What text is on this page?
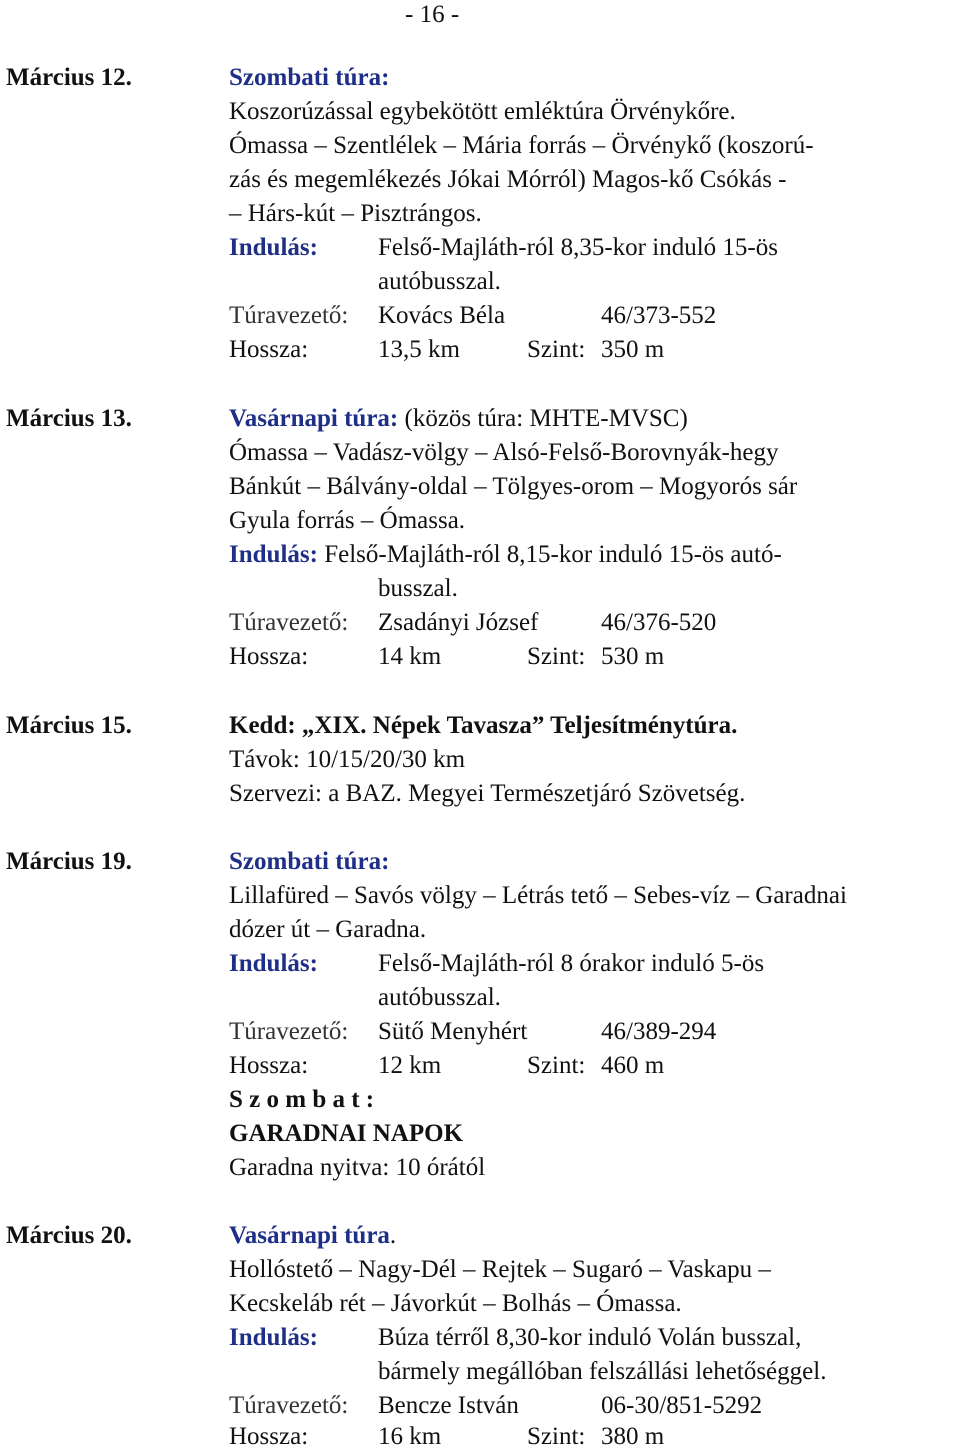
- 16 -
Március 12.	Szombati túra:
Koszorúzással egybekötött emléktúra Örvénykőre.
Ómassa – Szentlélek – Mária forrás – Örvénykő (koszorú-
zás és megemlékezés Jókai Mórról) Magos-kő Csókás -
– Hárs-kút – Pisztrángos.
Indulás: Felső-Majláth-ról 8,35-kor induló 15-ös
autóbusszal.
Túravezető: Kovács Béla	46/373-552
Hossza:	13,5 km	Szint: 350 m
Március 13.	Vasárnapi túra: (közös túra: MHTE-MVSC)
Ómassa – Vadász-völgy – Alsó-Felső-Borovnyák-hegy
Bánkút – Bálvány-oldal – Tölgyes-orom – Mogyorós sár
Gyula forrás – Ómassa.
Indulás: Felső-Majláth-ról 8,15-kor induló 15-ös autó-
busszal.
Túravezető: Zsadányi József	46/376-520
Hossza:	14 km	Szint: 530 m
Március 15.	Kedd: „XIX. Népek Tavasza” Teljesítménytúra.
Távok: 10/15/20/30 km
Szervezi: a BAZ. Megyei Természetjáró Szövetség.
Március 19.	Szombati túra:
Lillafüred – Savós völgy – Létrás tető – Sebes-víz – Garadnai
dózer út – Garadna.
Indulás: Felső-Majláth-ról 8 órakor induló 5-ös
autóbusszal.
Túravezető: Sütő Menyhért	46/389-294
Hossza:	12 km	Szint: 460 m
S z o m b a t :
GARADNAI NAPOK
Garadna nyitva: 10 órától
Március 20.	Vasárnapi túra.
Hollóstető – Nagy-Dél – Rejtek – Sugaró – Vaskapu –
Kecskeláb rét – Jávorkút – Bolhás – Ómassa.
Indulás: Búza térről 8,30-kor induló Volán busszal,
bármely megállóban felszállási lehetőséggel.
Túravezető: Bencze István	06-30/851-5292
Hossza:	16 km	Szint: 380 m
